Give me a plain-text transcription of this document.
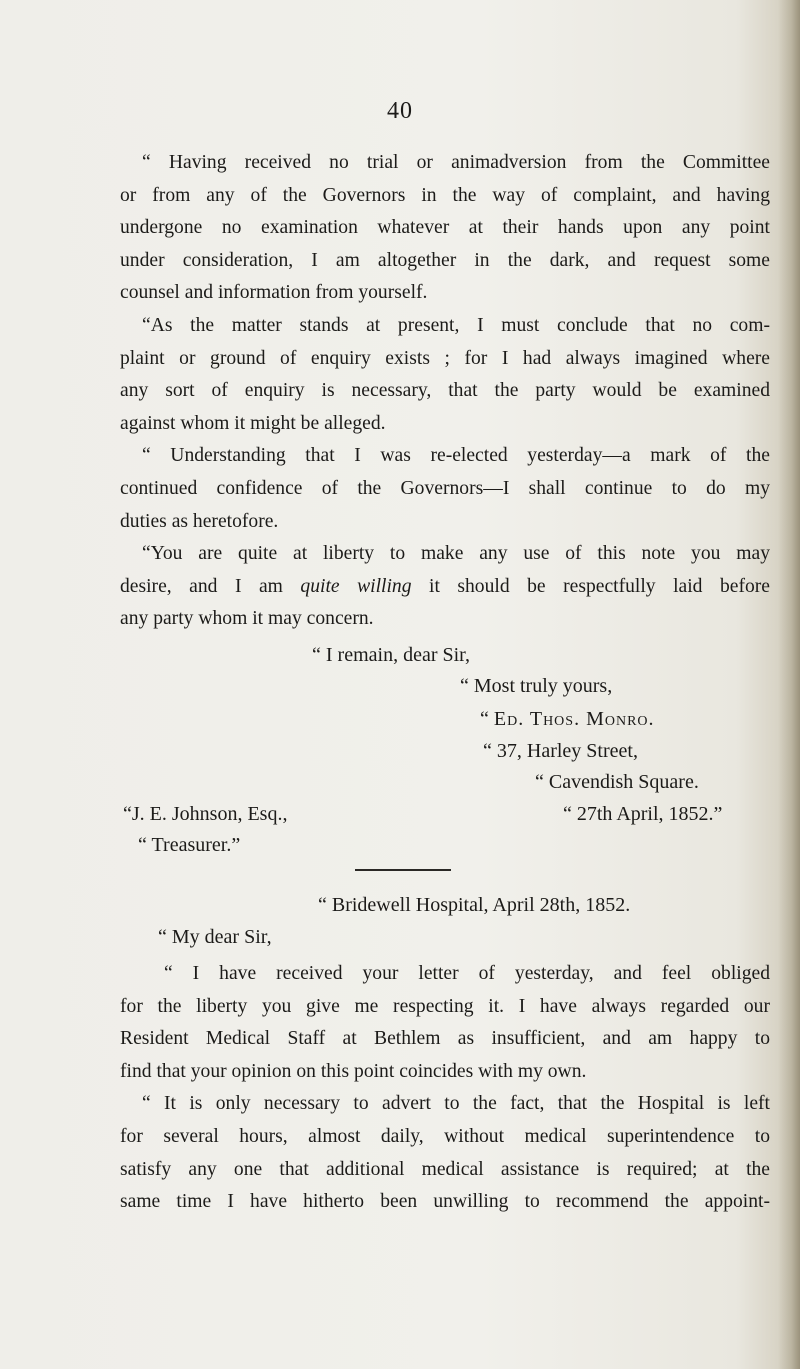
40
“ Having received no trial or animadversion from the Committee
or from any of the Governors in the way of complaint, and having
undergone no examination whatever at their hands upon any point
under consideration, I am altogether in the dark, and request some
counsel and information from yourself.
“As the matter stands at present, I must conclude that no com-
plaint or ground of enquiry exists ; for I had always imagined where
any sort of enquiry is necessary, that the party would be examined
against whom it might be alleged.
“ Understanding that I was re-elected yesterday—a mark of the
continued confidence of the Governors—I shall continue to do my
duties as heretofore.
“You are quite at liberty to make any use of this note you may
desire, and I am quite willing it should be respectfully laid before
any party whom it may concern.
“ I remain, dear Sir,
“ Most truly yours,
“ Ed. Thos. Monro.
“ 37, Harley Street,
“ Cavendish Square.
“ 27th April, 1852.”
“J. E. Johnson, Esq.,
“ Treasurer.”
“ Bridewell Hospital, April 28th, 1852.
“ My dear Sir,
“ I have received your letter of yesterday, and feel obliged
for the liberty you give me respecting it. I have always regarded our
Resident Medical Staff at Bethlem as insufficient, and am happy to
find that your opinion on this point coincides with my own.
“ It is only necessary to advert to the fact, that the Hospital is left
for several hours, almost daily, without medical superintendence to
satisfy any one that additional medical assistance is required; at the
same time I have hitherto been unwilling to recommend the appoint-
